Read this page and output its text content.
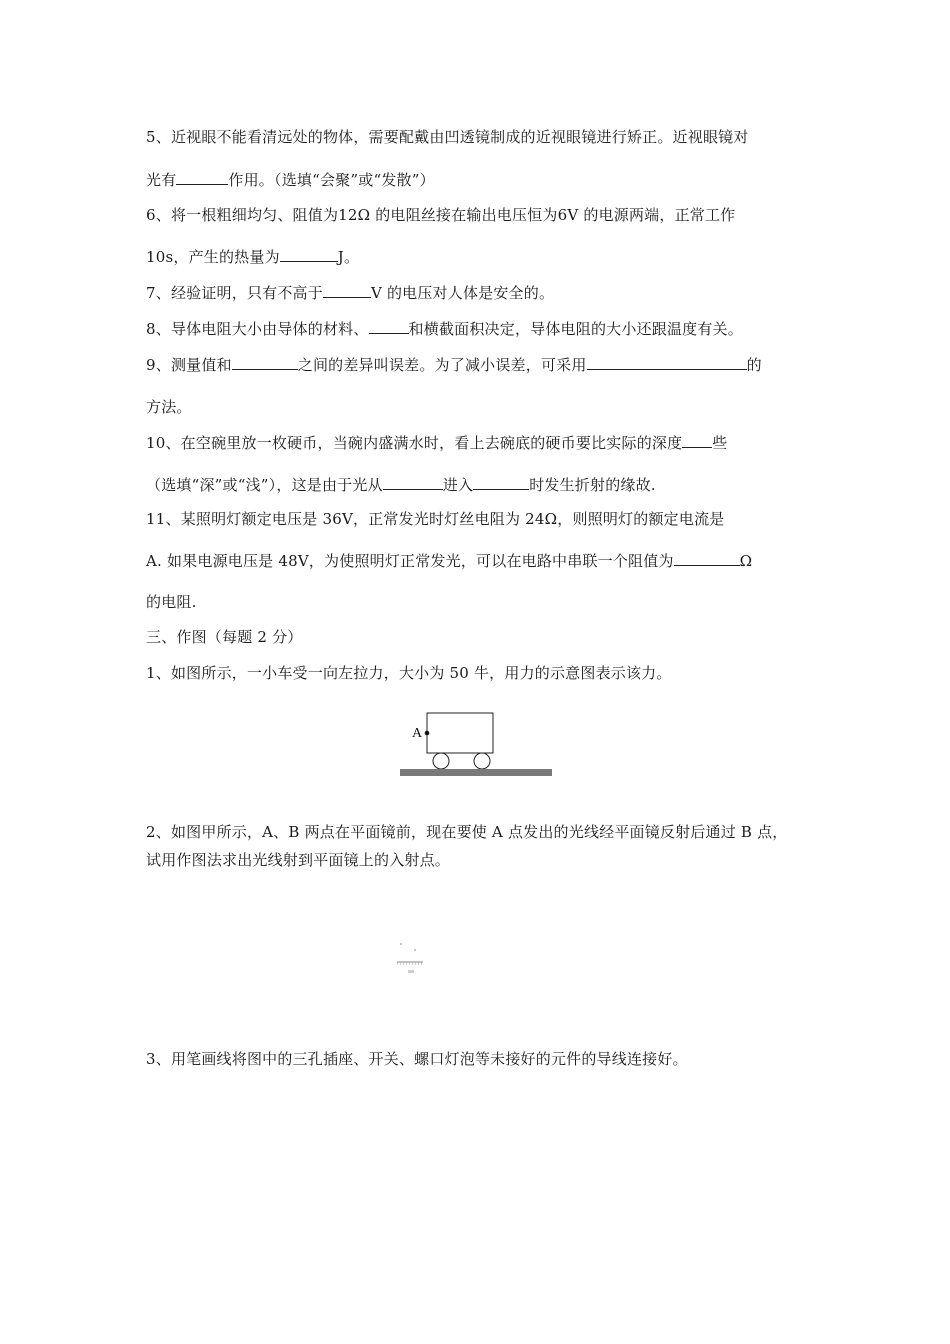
5、近视眼不能看清远处的物体，需要配戴由凹透镜制成的近视眼镜进行矫正。近视眼镜对
光有	作用。（选填“会聚”或“发散”）
6、将一根粗细均匀、阻值为12Ω 的电阻丝接在输出电压恒为6V 的电源两端，正常工作
10s，产生的热量为	J。
7、经验证明，只有不高于	V 的电压对人体是安全的。
8、导体电阻大小由导体的材料、	和横截面积决定，导体电阻的大小还跟温度有关。
9、测量值和	之间的差异叫误差。为了减小误差，可采用	的
方法。
10、在空碗里放一枚硬币，当碗内盛满水时，看上去碗底的硬币要比实际的深度 些
（选填“深”或“浅”），这是由于光从	进入	时发生折射的缘故.
11、某照明灯额定电压是 36V，正常发光时灯丝电阻为 24Ω，则照明灯的额定电流是
A. 如果电源电压是 48V，为使照明灯正常发光，可以在电路中串联一个阻值为	Ω
的电阻.
三、作图（每题 2 分）
1、如图所示，一小车受一向左拉力，大小为 50 牛，用力的示意图表示该力。
A
2、如图甲所示，A、B 两点在平面镜前，现在要使 A 点发出的光线经平面镜反射后通过 B 点，
试用作图法求出光线射到平面镜上的入射点。
3、用笔画线将图中的三孔插座、开关、螺口灯泡等未接好的元件的导线连接好。
